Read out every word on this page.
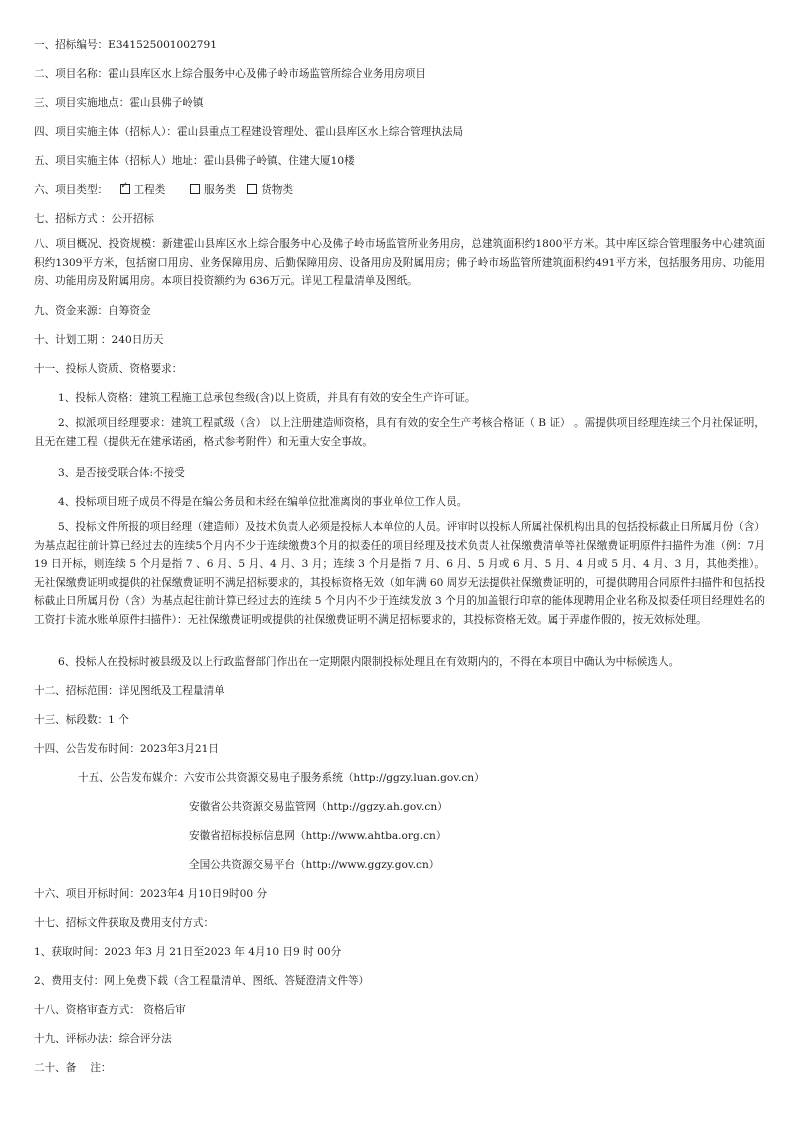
一、招标编号：E341525001002791
二、项目名称：霍山县库区水上综合服务中心及佛子岭市场监管所综合业务用房项目
三、项目实施地点：霍山县佛子岭镇
四、项目实施主体（招标人）：霍山县重点工程建设管理处、霍山县库区水上综合管理执法局
五、项目实施主体（招标人）地址：霍山县佛子岭镇、住建大厦10楼
六、项目类型： ✓ 工程类	服务类 货物类
七、招标方式 ：公开招标
八、项目概况、投资规模：新建霍山县库区水上综合服务中心及佛子岭市场监管所业务用房，总建筑面积约1800平方米。其中库区综合管理服务中心建筑面积约1309平方米，包括窗口用房、业务保障用房、后勤保障用房、设备用房及附属用房；佛子岭市场监管所建筑面积约491平方米，包括服务用房、功能用房、功能用房及附属用房。本项目投资额约为 636万元。详见工程量清单及图纸。
九、资金来源：自筹资金
十、计划工期 ：240日历天
十一、投标人资质、资格要求：
1、投标人资格：建筑工程施工总承包叁级(含)以上资质，并具有有效的安全生产许可证。
2、拟派项目经理要求：建筑工程贰级（含） 以上注册建造师资格，具有有效的安全生产考核合格证（ B 证） 。需提供项目经理连续三个月社保证明，且无在建工程（提供无在建承诺函，格式参考附件）和无重大安全事故。
3、是否接受联合体:不接受
4、投标项目班子成员不得是在编公务员和未经在编单位批准离岗的事业单位工作人员。
5、投标文件所报的项目经理（建造师）及技术负责人必须是投标人本单位的人员。评审时以投标人所属社保机构出具的包括投标截止日所属月份（含）为基点起往前计算已经过去的连续5个月内不少于连续缴费3个月的拟委任的项目经理及技术负责人社保缴费清单等社保缴费证明原件扫描件为准（例：7月19 日开标，则连续 5 个月是指 7 、6 月、5 月、4 月、3 月；连续 3 个月是指 7 月、6 月、5 月或 6 月、5 月、4 月或 5 月、4 月、3 月，其他类推）。无社保缴费证明或提供的社保缴费证明不满足招标要求的，其投标资格无效（如年满 60 周岁无法提供社保缴费证明的，可提供聘用合同原件扫描件和包括投标截止日所属月份（含）为基点起往前计算已经过去的连续 5 个月内不少于连续发放 3 个月的加盖银行印章的能体现聘用企业名称及拟委任项目经理姓名的工资打卡流水账单原件扫描件）：无社保缴费证明或提供的社保缴费证明不满足招标要求的，其投标资格无效。属于弄虚作假的，按无效标处理。
6、投标人在投标时被县级及以上行政监督部门作出在一定期限内限制投标处理且在有效期内的，不得在本项目中确认为中标候选人。
十二、招标范围：详见图纸及工程量清单
十三、标段数：1 个
十四、公告发布时间：2023年3月21日
十五、公告发布媒介：六安市公共资源交易电子服务系统（http://ggzy.luan.gov.cn）
安徽省公共资源交易监管网（http://ggzy.ah.gov.cn）
安徽省招标投标信息网（http://www.ahtba.org.cn）
全国公共资源交易平台（http://www.ggzy.gov.cn）
十六、项目开标时间：2023年4 月10日9时00 分
十七、招标文件获取及费用支付方式：
1、获取时间：2023 年3 月 21日至2023 年 4月10 日9 时 00分
2、费用支付：网上免费下载（含工程量清单、图纸、答疑澄清文件等）
十八、资格审查方式： 资格后审
十九、评标办法：综合评分法
二十、备　 注：
